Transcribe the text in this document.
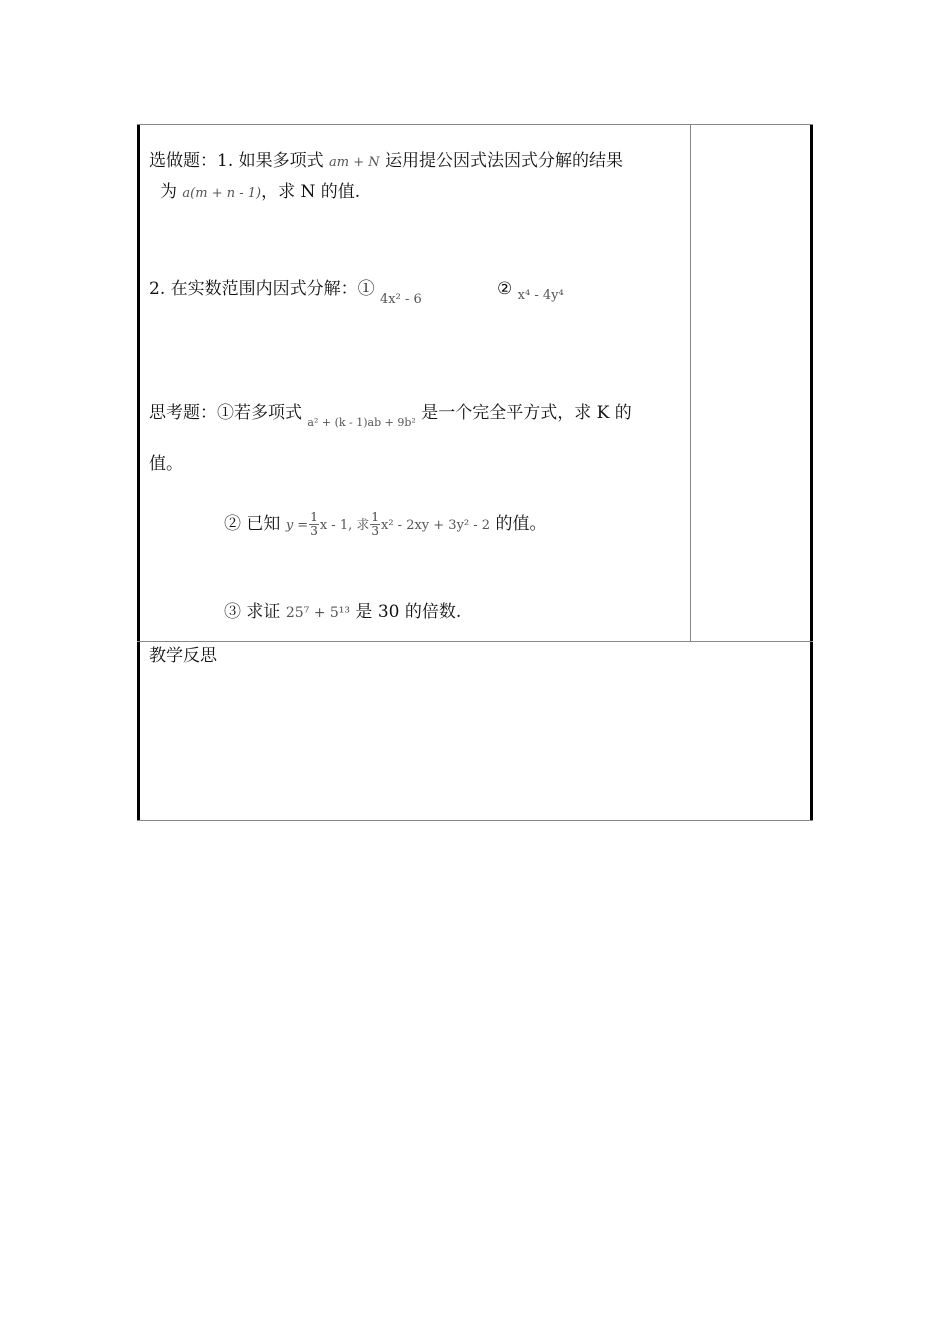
选做题：1. 如果多项式 am + N 运用提公因式法因式分解的结果
为 a(m + n - 1)，求 N 的值.
2. 在实数范围内因式分解：① $_{4x^2 - 6}$
② $_{x^4 - 4y^4}$
思考题：①若多项式 $_{a^2 + (k - 1)ab + 9b^2}$ 是一个完全平方式，求 K 的
值。
② 已知 $y = \frac{1}{3}$ x - 1, 求 $\frac{1}{3} x^2 - 2xy + 3y^2 - 2$ 的值。
③ 求证 25⁷ + 5¹³ 是 30 的倍数.
教学反思
